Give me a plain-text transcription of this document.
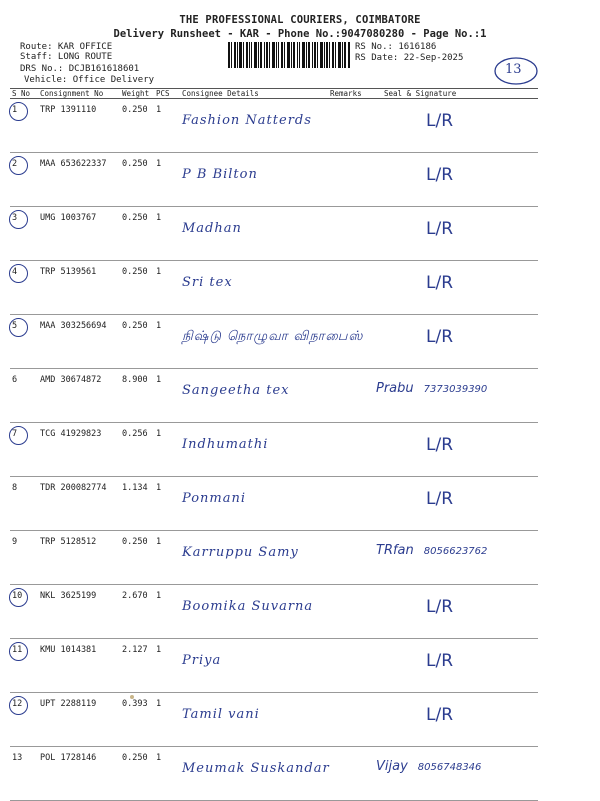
THE PROFESSIONAL COURIERS, COIMBATORE
Delivery Runsheet - KAR - Phone No.:9047080280 - Page No.:1
Route: KAR OFFICE
Staff: LONG ROUTE
DRS No.: DCJB161618601
Vehicle: Office Delivery
RS No.: 1616186
RS Date: 22-Sep-2025
13
S No	Consignment No	Weight	PCS	Consignee Details	Remarks	Seal & Signature

1	TRP 1391110	0.250	1	Fashion Natterds		L/R

2	MAA 653622337	0.250	1	P B Bilton		L/R

3	UMG 1003767	0.250	1	Madhan		L/R

4	TRP 5139561	0.250	1	Sri tex		L/R

5	MAA 303256694	0.250	1	நிஷ்டு நொழுவா விநாபைஸ்		L/R
6	AMD 30674872	8.900	1	Sangeetha tex		Prabu 7373039390

7	TCG 41929823	0.256	1	Indhumathi		L/R
8	TDR 200082774	1.134	1	Ponmani		L/R
9	TRP 5128512	0.250	1	Karruppu Samy		TRfan 8056623762

10	NKL 3625199	2.670	1	Boomika Suvarna		L/R

11	KMU 1014381	2.127	1	Priya		L/R

12	UPT 2288119	0.393	1	Tamil vani		L/R
13	POL 1728146	0.250	1	Meumak Suskandar		Vijay 8056748346
